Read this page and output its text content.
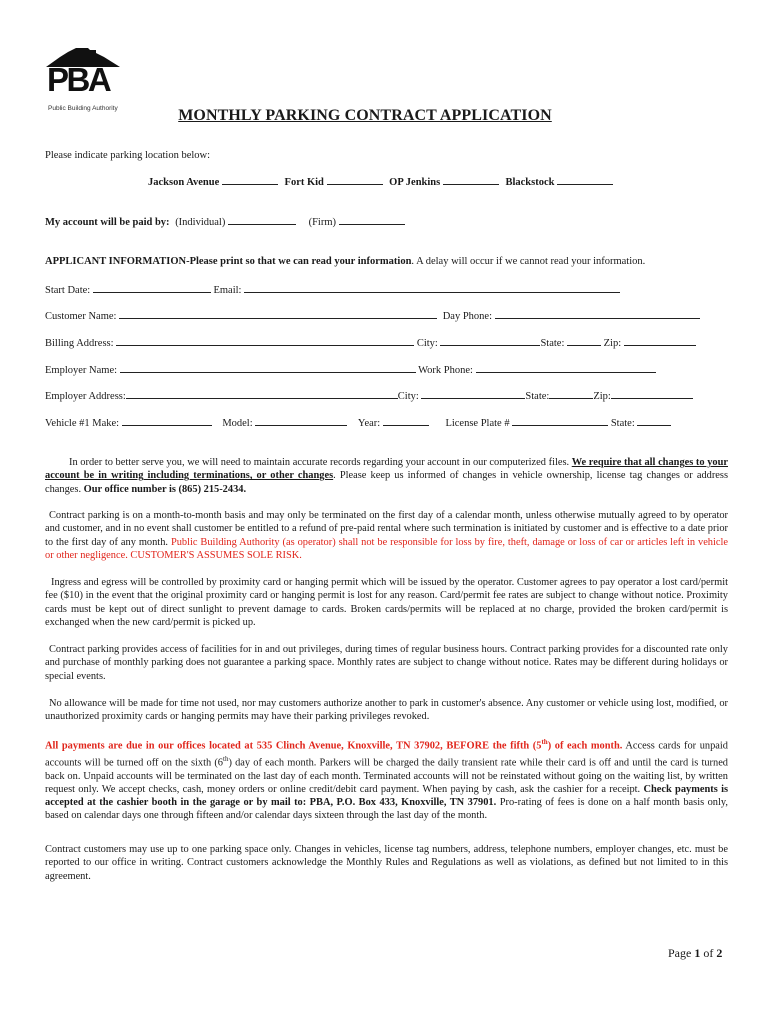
PBA
Public Building Authority	MONTHLY PARKING CONTRACT APPLICATION
Please indicate parking location below:
Jackson Avenue	Fort Kid	OP Jenkins	Blackstock
My account will be paid by: (Individual)	(Firm)
APPLICANT INFORMATION-Please print so that we can read your information. A delay will occur if we cannot read your information.
Start Date:	Email:
Customer Name:	Day Phone:
Billing Address:	City:	State:	Zip:
Employer Name:	Work Phone:
Employer Address:	City:	State:	Zip:
Vehicle #1 Make:	Model:	Year:	License Plate #	State:
In order to better serve you, we will need to maintain accurate records regarding your account in our computerized files. We require that all changes to your account be in writing including terminations, or other changes. Please keep us informed of changes in vehicle ownership, license tag changes or address changes. Our office number is (865) 215-2434.
Contract parking is on a month-to-month basis and may only be terminated on the first day of a calendar month, unless otherwise mutually agreed to by operator and customer, and in no event shall customer be entitled to a refund of pre-paid rental where such termination is initiated by customer and is effective to a date prior to the first day of any month. Public Building Authority (as operator) shall not be responsible for loss by fire, theft, damage or loss of car or articles left in vehicle or other negligence. CUSTOMER'S ASSUMES SOLE RISK.
Ingress and egress will be controlled by proximity card or hanging permit which will be issued by the operator. Customer agrees to pay operator a lost card/permit fee ($10) in the event that the original proximity card or hanging permit is lost for any reason. Card/permit fee rates are subject to change without notice. Proximity cards must be kept out of direct sunlight to prevent damage to cards. Broken cards/permits will be replaced at no charge, provided the broken card/permit is exchanged when the new card/permit is picked up.
Contract parking provides access of facilities for in and out privileges, during times of regular business hours. Contract parking provides for a discounted rate only and purchase of monthly parking does not guarantee a parking space. Monthly rates are subject to change without notice. Rates may be different during holidays or special events.
No allowance will be made for time not used, nor may customers authorize another to park in customer's absence. Any customer or vehicle using lost, modified, or unauthorized proximity cards or hanging permits may have their parking privileges revoked.
All payments are due in our offices located at 535 Clinch Avenue, Knoxville, TN 37902, BEFORE the fifth (5th) of each month. Access cards for unpaid accounts will be turned off on the sixth (6th) day of each month. Parkers will be charged the daily transient rate while their card is off and until the card is turned back on. Unpaid accounts will be terminated on the last day of each month. Terminated accounts will not be reinstated without going on the waiting list, by written request only. We accept checks, cash, money orders or online credit/debit card payment. When paying by cash, ask the cashier for a receipt. Check payments is accepted at the cashier booth in the garage or by mail to: PBA, P.O. Box 433, Knoxville, TN 37901. Pro-rating of fees is done on a half month basis only, based on calendar days one through fifteen and/or calendar days sixteen through the last day of the month.
Contract customers may use up to one parking space only. Changes in vehicles, license tag numbers, address, telephone numbers, employer changes, etc. must be reported to our office in writing. Contract customers acknowledge the Monthly Rules and Regulations as well as violations, as defined but not limited to in this agreement.
Page 1 of 2
